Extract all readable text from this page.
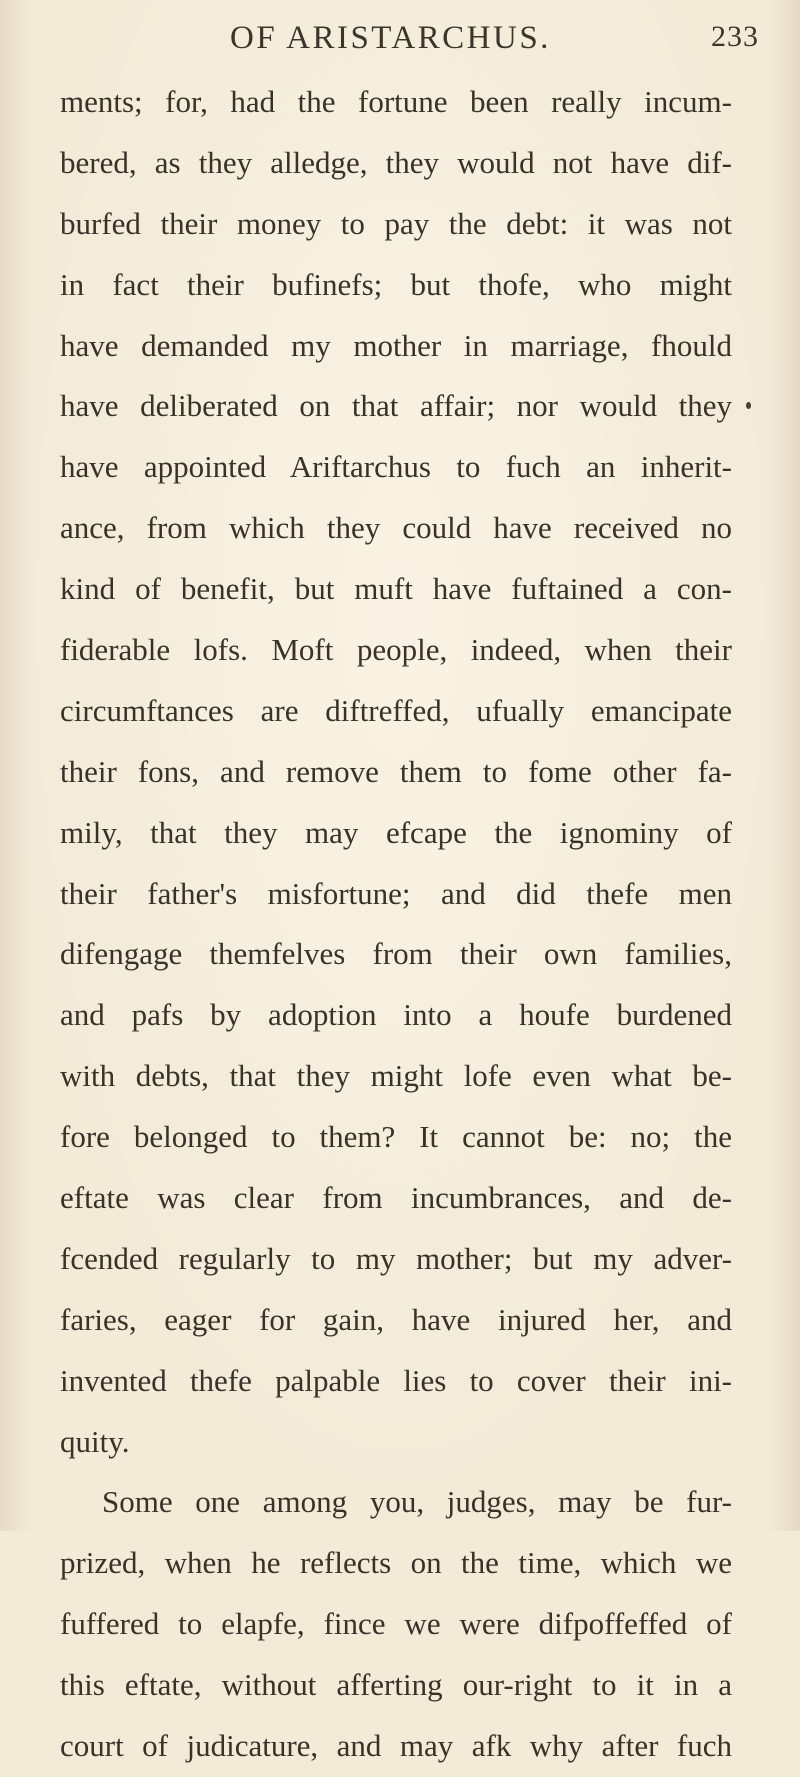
OF ARISTARCHUS.	233
ments; for, had the fortune been really incum-
bered, as they alledge, they would not have dif-
burfed their money to pay the debt: it was not
in fact their bufinefs; but thofe, who might
have demanded my mother in marriage, fhould
have deliberated on that affair; nor would they
have appointed Ariftarchus to fuch an inherit-
ance, from which they could have received no
kind of benefit, but muft have fuftained a con-
fiderable lofs. Moft people, indeed, when their
circumftances are diftreffed, ufually emancipate
their fons, and remove them to fome other fa-
mily, that they may efcape the ignominy of
their father's misfortune; and did thefe men
difengage themfelves from their own families,
and pafs by adoption into a houfe burdened
with debts, that they might lofe even what be-
fore belonged to them? It cannot be: no; the
eftate was clear from incumbrances, and de-
fcended regularly to my mother; but my adver-
faries, eager for gain, have injured her, and
invented thefe palpable lies to cover their ini-
quity.
Some one among you, judges, may be fur-
prized, when he reflects on the time, which we
fuffered to elapfe, fince we were difpoffeffed of
this eftate, without afferting our-right to it in a
court of judicature, and may afk why after fuch
